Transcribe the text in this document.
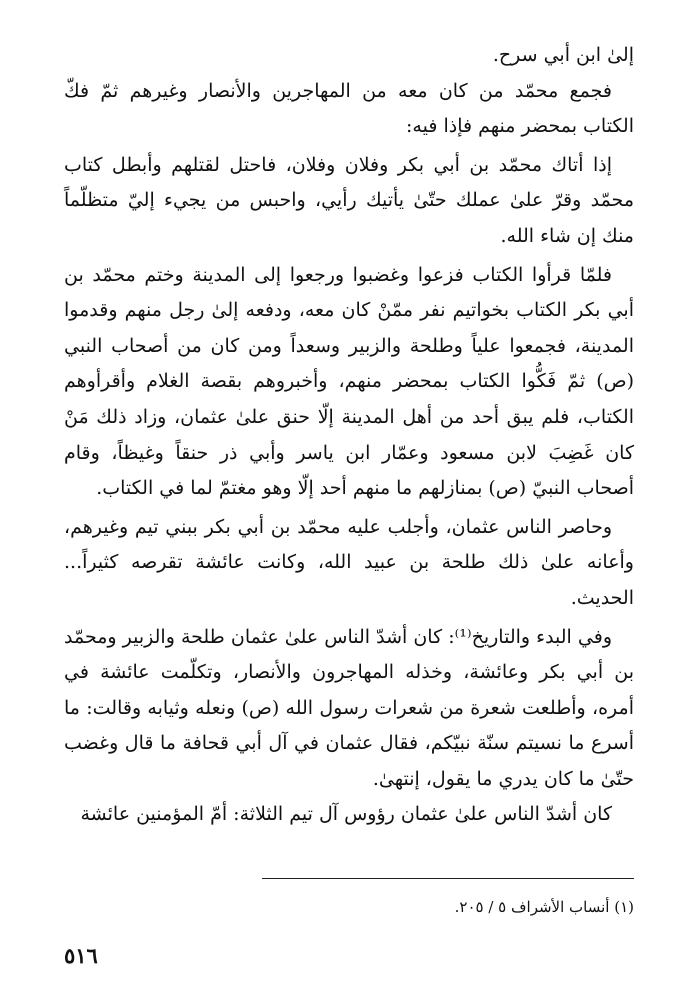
إلىٰ ابن أبي سرح.

فجمع محمّد من كان معه من المهاجرين والأنصار وغيرهم ثمّ فكّ الكتاب بمحضر منهم فإذا فيه:

إذا أتاك محمّد بن أبي بكر وفلان وفلان، فاحتل لقتلهم وأبطل كتاب محمّد وقرّ علىٰ عملك حتّىٰ يأتيك رأيي، واحبس من يجيء إليّ متظلّماً منك إن شاء الله.

فلمّا قرأوا الكتاب فزعوا وغضبوا ورجعوا إلى المدينة وختم محمّد بن أبي بكر الكتاب بخواتيم نفر ممّنْ كان معه، ودفعه إلىٰ رجل منهم وقدموا المدينة، فجمعوا علياً وطلحة والزبير وسعداً ومن كان من أصحاب النبي (ص) ثمّ فَكُّوا الكتاب بمحضر منهم، وأخبروهم بقصة الغلام وأقرأوهم الكتاب، فلم يبق أحد من أهل المدينة إلّا حنق علىٰ عثمان، وزاد ذلك مَنْ كان غَضِبَ لابن مسعود وعمّار ابن ياسر وأبي ذر حنقاً وغيظاً، وقام أصحاب النبيّ (ص) بمنازلهم ما منهم أحد إلّا وهو مغتمّ لما في الكتاب.

وحاصر الناس عثمان، وأجلب عليه محمّد بن أبي بكر ببني تيم وغيرهم، وأعانه علىٰ ذلك طلحة بن عبيد الله، وكانت عائشة تقرصه كثيراً... الحديث.

وفي البدء والتاريخ⁽¹⁾: كان أشدّ الناس علىٰ عثمان طلحة والزبير ومحمّد بن أبي بكر وعائشة، وخذله المهاجرون والأنصار، وتكلّمت عائشة في أمره، وأطلعت شعرة من شعرات رسول الله (ص) ونعله وثيابه وقالت: ما أسرع ما نسيتم سنّة نبيّكم، فقال عثمان في آل أبي قحافة ما قال وغضب حتّىٰ ما كان يدري ما يقول، إنتهىٰ.

كان أشدّ الناس علىٰ عثمان رؤوس آل تيم الثلاثة: أمّ المؤمنين عائشة

(١) أنساب الأشراف ٥ / ٢٠٥.

٥١٦
